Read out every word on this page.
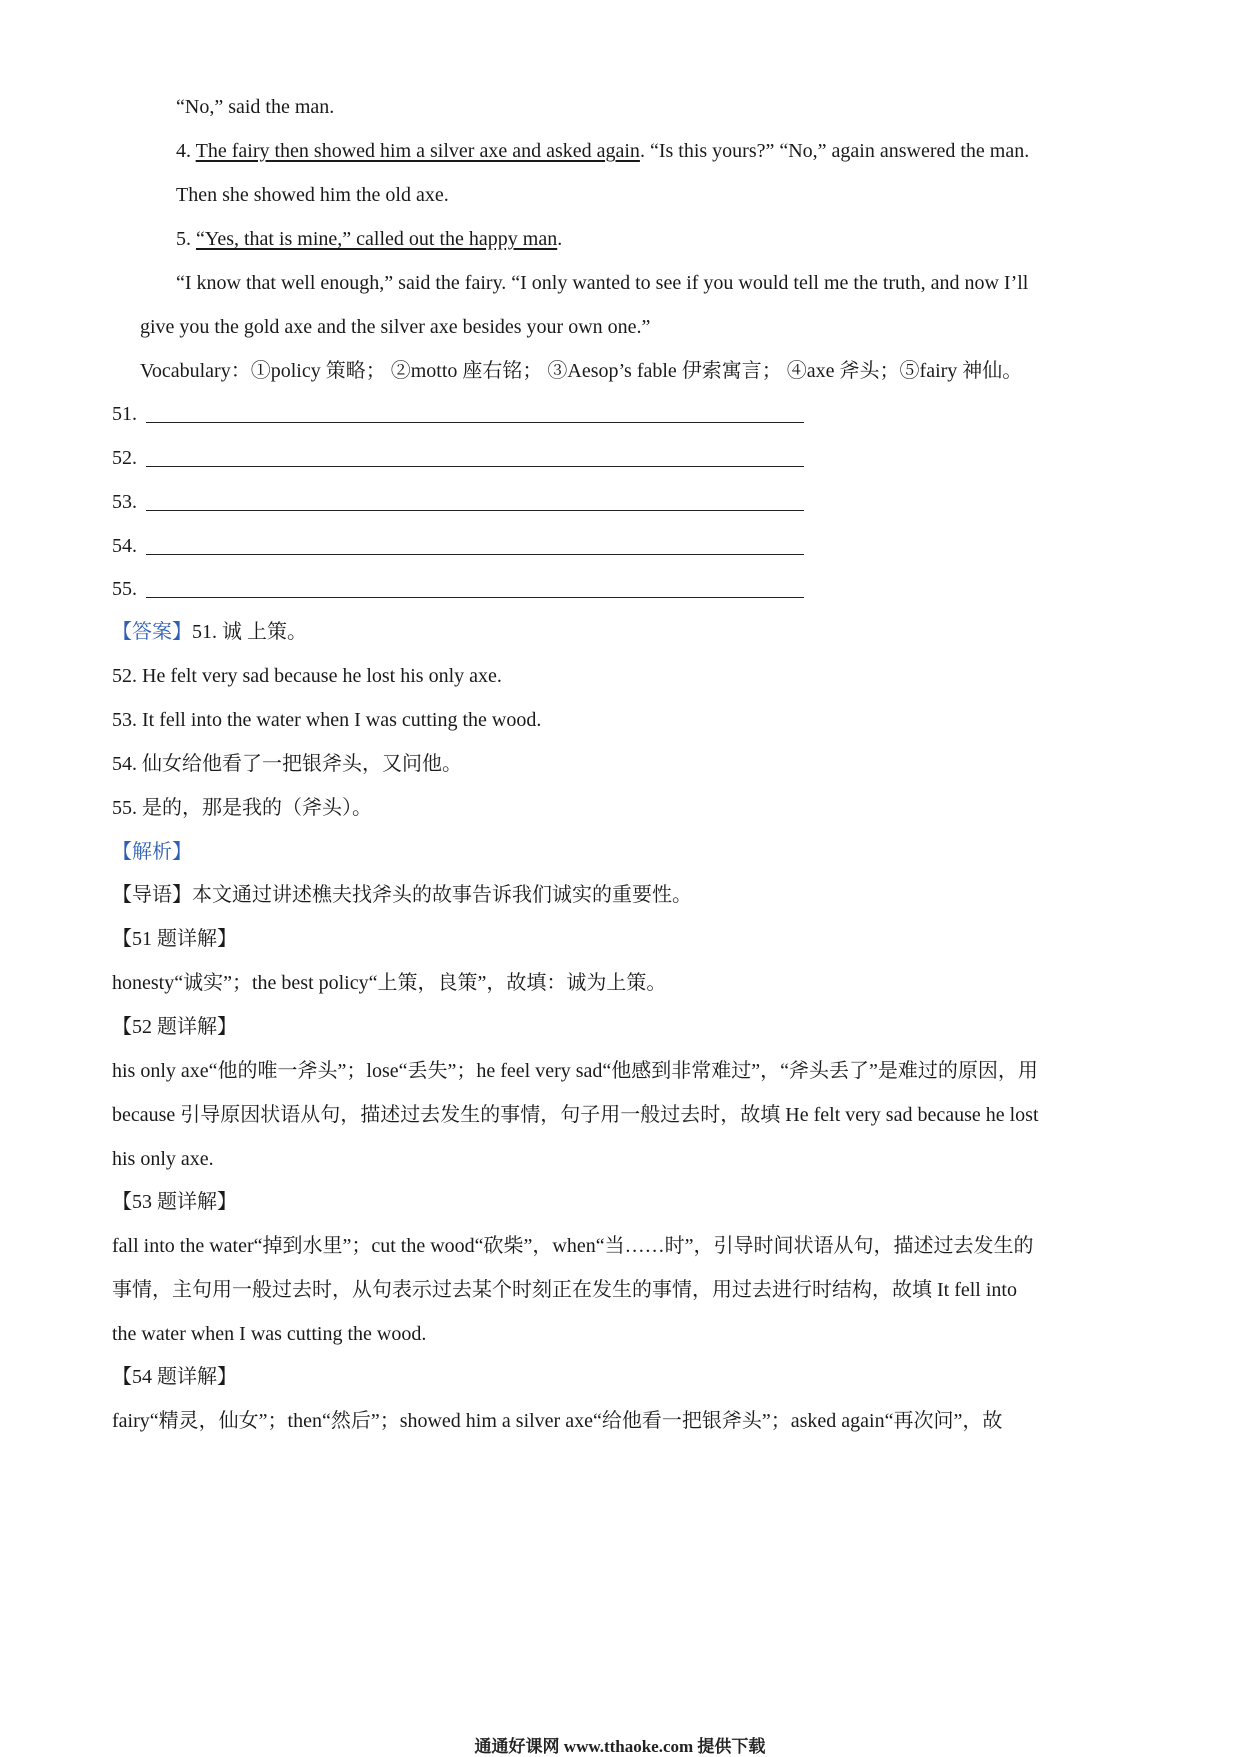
“No,” said the man.
4. The fairy then showed him a silver axe and asked again. “Is this yours?” “No,” again answered the man.
Then she showed him the old axe.
5. “Yes, that is mine,” called out the happy man.
“I know that well enough,” said the fairy. “I only wanted to see if you would tell me the truth, and now I’ll
give you the gold axe and the silver axe besides your own one.”
Vocabulary：①policy 策略； ②motto 座右铭； ③Aesop’s fable 伊索寓言； ④axe 斧头；⑤fairy 神仙。
51.
52.
53.
54.
55.
【答案】51. 诚 上策。
52. He felt very sad because he lost his only axe.
53. It fell into the water when I was cutting the wood.
54. 仙女给他看了一把银斧头，又问他。
55. 是的，那是我的（斧头）。
【解析】
【导语】本文通过讲述樵夫找斧头的故事告诉我们诚实的重要性。
【51 题详解】
honesty“诚实”；the best policy“上策，良策”，故填：诚为上策。
【52 题详解】
his only axe“他的唯一斧头”；lose“丢失”；he feel very sad“他感到非常难过”，“斧头丢了”是难过的原因，用
because 引导原因状语从句，描述过去发生的事情，句子用一般过去时，故填 He felt very sad because he lost
his only axe.
【53 题详解】
fall into the water“掉到水里”；cut the wood“砍柴”，when“当……时”，引导时间状语从句，描述过去发生的
事情，主句用一般过去时，从句表示过去某个时刻正在发生的事情，用过去进行时结构，故填 It fell into
the water when I was cutting the wood.
【54 题详解】
fairy“精灵，仙女”；then“然后”；showed him a silver axe“给他看一把银斧头”；asked again“再次问”，故
通通好课网 www.tthaoke.com 提供下载
